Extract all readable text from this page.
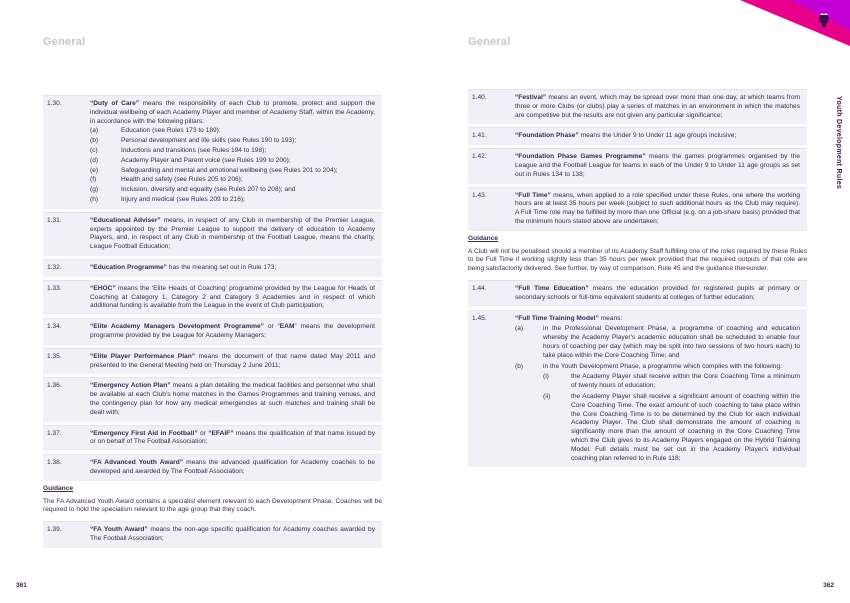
General	General
Youth Development Rules
1.30.	“Duty of Care” means the responsibility of each Club to promote, protect and support the individual wellbeing of each Academy Player and member of Academy Staff, within the Academy, in accordance with the following pillars:
(a)	Education (see Rules 173 to 189);
(b)	Personal development and life skills (see Rules 190 to 193);
(c)	Inductions and transitions (see Rules 194 to 198);
(d)	Academy Player and Parent voice (see Rules 199 to 200);
(e)	Safeguarding and mental and emotional wellbeing (see Rules 201 to 204);
(f)	Health and safety (see Rules 205 to 206);
(g)	Inclusion, diversity and equality (see Rules 207 to 208); and
(h)	Injury and medical (see Rules 209 to 216);
1.31.	“Educational Adviser” means, in respect of any Club in membership of the Premier League, experts appointed by the Premier League to support the delivery of education to Academy Players, and, in respect of any Club in membership of the Football League, means the charity, League Football Education;
1.32.	“Education Programme” has the meaning set out in Rule 173;
1.33.	“EHOC” means the ‘Elite Heads of Coaching’ programme provided by the League for Heads of Coaching at Category 1, Category 2 and Category 3 Academies and in respect of which additional funding is available from the League in the event of Club participation;
1.34.	“Elite Academy Managers Development Programme” or “EAM” means the development programme provided by the League for Academy Managers;
1.35.	“Elite Player Performance Plan” means the document of that name dated May 2011 and presented to the General Meeting held on Thursday 2 June 2011;
1.36.	“Emergency Action Plan” means a plan detailing the medical facilities and personnel who shall be available at each Club's home matches in the Games Programmes and training venues, and the contingency plan for how any medical emergencies at such matches and training shall be dealt with;
1.37.	“Emergency First Aid in Football” or “EFAiF” means the qualification of that name issued by or on behalf of The Football Association;
1.38.	“FA Advanced Youth Award” means the advanced qualification for Academy coaches to be developed and awarded by The Football Association;
Guidance
The FA Advanced Youth Award contains a specialist element relevant to each Development Phase. Coaches will be required to hold the specialism relevant to the age group that they coach.
1.39.	“FA Youth Award” means the non-age specific qualification for Academy coaches awarded by The Football Association;
1.40.	“Festival” means an event, which may be spread over more than one day, at which teams from three or more Clubs (or clubs) play a series of matches in an environment in which the matches are competitive but the results are not given any particular significance;
1.41.	“Foundation Phase” means the Under 9 to Under 11 age groups inclusive;
1.42.	“Foundation Phase Games Programme” means the games programmes organised by the League and the Football League for teams in each of the Under 9 to Under 11 age groups as set out in Rules 134 to 138;
1.43.	“Full Time” means, when applied to a role specified under these Rules, one where the working hours are at least 35 hours per week (subject to such additional hours as the Club may require). A Full Time role may be fulfilled by more than one Official (e.g. on a job-share basis) provided that the minimum hours stated above are undertaken;
Guidance
A Club will not be penalised should a member of its Academy Staff fulfilling one of the roles required by these Rules to be Full Time if working slightly less than 35 hours per week provided that the required outputs of that role are being satisfactorily delivered. See further, by way of comparison, Rule 45 and the guidance thereunder.
1.44.	“Full Time Education” means the education provided for registered pupils at primary or secondary schools or full-time equivalent students at colleges of further education;
1.45.	“Full Time Training Model” means:
(a)	in the Professional Development Phase, a programme of coaching and education whereby the Academy Player's academic education shall be scheduled to enable four hours of coaching per day (which may be split into two sessions of two hours each) to take place within the Core Coaching Time; and
(b)	in the Youth Development Phase, a programme which complies with the following:
(i)	the Academy Player shall receive within the Core Coaching Time a minimum of twenty hours of education;
(ii)	the Academy Player shall receive a significant amount of coaching within the Core Coaching Time. The exact amount of such coaching to take place within the Core Coaching Time is to be determined by the Club for each individual Academy Player. The Club shall demonstrate the amount of coaching is significantly more than the amount of coaching in the Core Coaching Time which the Club gives to its Academy Players engaged on the Hybrid Training Model. Full details must be set out in the Academy Player's individual coaching plan referred to in Rule 118;
361	362
